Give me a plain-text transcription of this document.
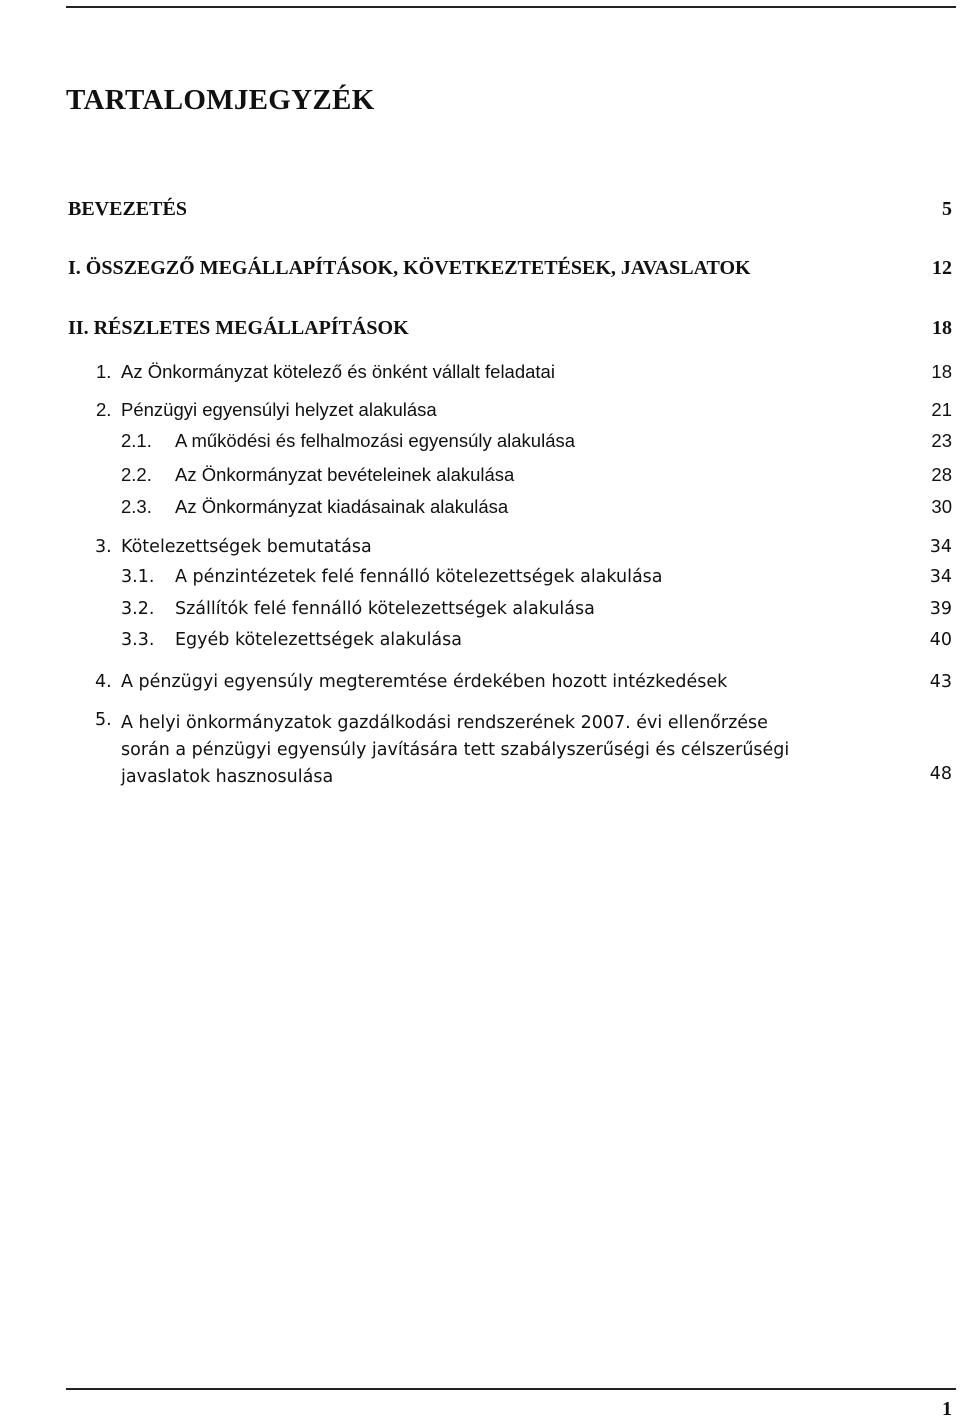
TARTALOMJEGYZÉK
BEVEZETÉS	5
I. ÖSSZEGZŐ MEGÁLLAPÍTÁSOK, KÖVETKEZTETÉSEK, JAVASLATOK	12
II. RÉSZLETES MEGÁLLAPÍTÁSOK	18
1. Az Önkormányzat kötelező és önként vállalt feladatai	18
2. Pénzügyi egyensúlyi helyzet alakulása	21
2.1. A működési és felhalmozási egyensúly alakulása	23
2.2. Az Önkormányzat bevételeinek alakulása	28
2.3. Az Önkormányzat kiadásainak alakulása	30
3. Kötelezettségek bemutatása	34
3.1. A pénzintézetek felé fennálló kötelezettségek alakulása	34
3.2. Szállítók felé fennálló kötelezettségek alakulása	39
3.3. Egyéb kötelezettségek alakulása	40
4. A pénzügyi egyensúly megteremtése érdekében hozott intézkedések	43
5. A helyi önkormányzatok gazdálkodási rendszerének 2007. évi ellenőrzése
során a pénzügyi egyensúly javítására tett szabályszerűségi és célszerűségi
javaslatok hasznosulása	48
1
